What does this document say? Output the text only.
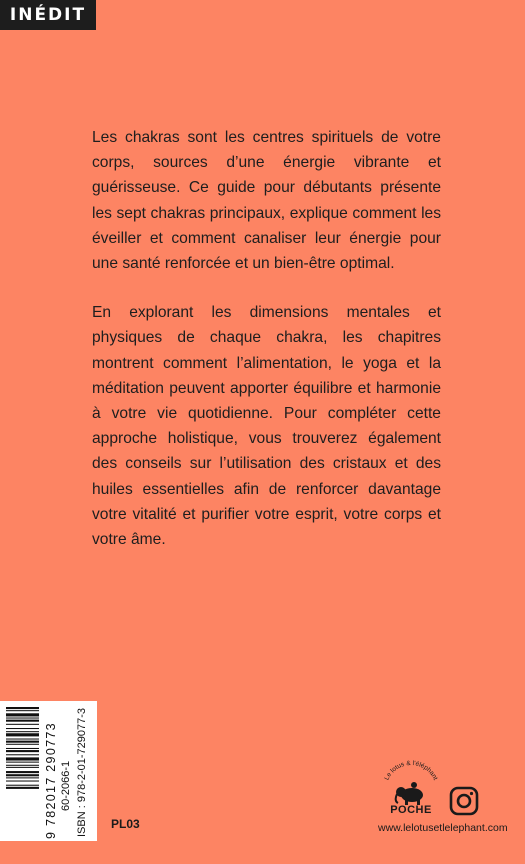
INÉDIT

Les chakras sont les centres spirituels de votre corps, sources d’une énergie vibrante et guérisseuse. Ce guide pour débutants présente les sept chakras principaux, explique comment les éveiller et comment canaliser leur énergie pour une santé renforcée et un bien-être optimal.

En explorant les dimensions mentales et physiques de chaque chakra, les chapitres montrent comment l’alimentation, le yoga et la méditation peuvent apporter équilibre et harmonie à votre vie quotidienne. Pour compléter cette approche holistique, vous trouverez également des conseils sur l’utilisation des cristaux et des huiles essentielles afin de renforcer davantage votre vitalité et purifier votre esprit, votre corps et votre âme.

9 782017 290773 60-2066-1 ISBN : 978-2-01-729077-3 PL03
Le lotus & l'éléphant
POCHE
www.lelotusetlelephant.com
